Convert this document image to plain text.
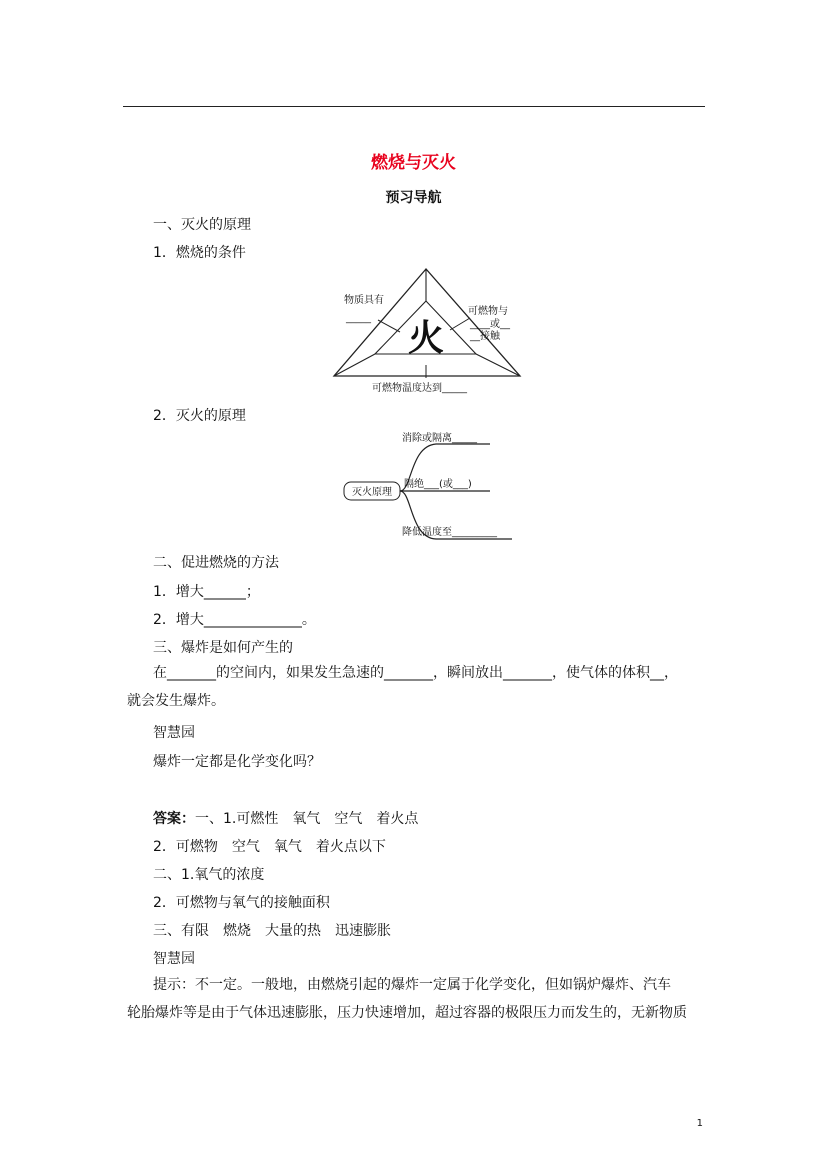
燃烧与灭火
预习导航
一、灭火的原理
1．燃烧的条件
火
物质具有
_____
可燃物与
____或__
__接触
可燃物温度达到_____
2．灭火的原理
灭火原理
消除或隔离_____
隔绝___(或___)
降低温度至_________
二、促进燃烧的方法
1．增大______；
2．增大______________。
三、爆炸是如何产生的
在_______的空间内，如果发生急速的_______，瞬间放出_______，使气体的体积__，
就会发生爆炸。
智慧园
爆炸一定都是化学变化吗？
答案：一、1.可燃性　氧气　空气　着火点
2．可燃物　空气　氧气　着火点以下
二、1.氧气的浓度
2．可燃物与氧气的接触面积
三、有限　燃烧　大量的热　迅速膨胀
智慧园
提示：不一定。一般地，由燃烧引起的爆炸一定属于化学变化，但如锅炉爆炸、汽车
轮胎爆炸等是由于气体迅速膨胀，压力快速增加，超过容器的极限压力而发生的，无新物质
1
